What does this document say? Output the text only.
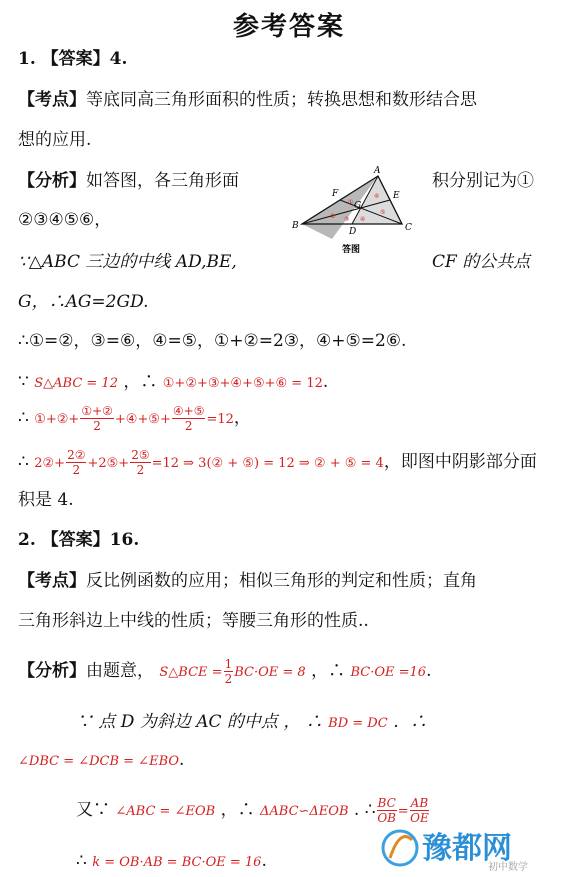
参考答案
1. 【答案】4.
【考点】等底同高三角形面积的性质；转换思想和数形结合思
想的应用.
【分析】如答图，各三角形面	积分别记为①
②③④⑤⑥，
∵△ABC 三边的中线 AD,BE,	CF 的公共点
G，∴AG=2GD.
∴①=②，③=⑥，④=⑤，①+②=2③，④+⑤=2⑥.
∵ S△ABC = 12 ，∴ ①+②+③+④+⑤+⑥ = 12.
∴ ①+②+ $\frac{\text{①+②}}{2}$ +④+⑤+ $\frac{\text{④+⑤}}{2} =12$，
∴ 2②+ $\frac{\text{2②}}{2}$ +2⑤+ $\frac{\text{2⑤}}{2} =12$ ⇒ 3(② + ⑤) = 12 ⇒ ② + ⑤ = 4，即图中阴影部分面
积是 4.
A
B	C
D
E
F
G
①
② ③ ④
⑤
⑥
答图
2. 【答案】16.
【考点】反比例函数的应用；相似三角形的判定和性质；直角
三角形斜边上中线的性质；等腰三角形的性质..
【分析】由题意， S△BCE = $\frac{1}{2} BC\cdot OE = 8$ ，∴ BC·OE =16.
∵ 点 D 为斜边 AC 的中点 ， ∴ BD = DC ．∴
∠DBC = ∠DCB = ∠EBO.
又∵ ∠ABC = ∠EOB ，∴ ΔABC∽ΔEOB . ∴ $\frac{BC}{OB} = \frac{AB}{OE}$
∴ k = OB·AB = BC·OE = 16.	豫都网
初中数学
